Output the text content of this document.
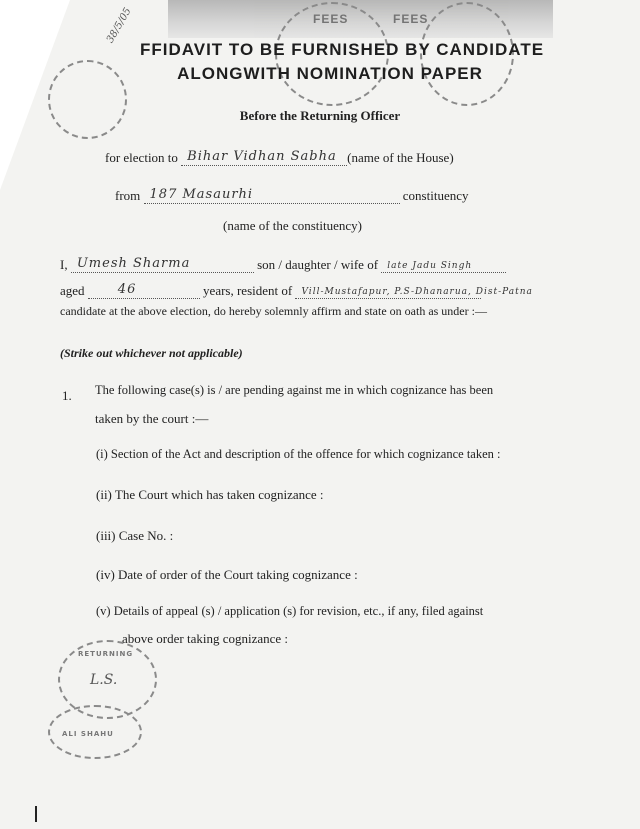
FEES	FEES
FFIDAVIT TO BE FURNISHED BY CANDIDATE
ALONGWITH NOMINATION PAPER
38/5/05
Before the Returning Officer
for election to Bihar Vidhan Sabha (name of the House)
from 187 Masaurhi	constituency
(name of the constituency)
I, Umesh Sharma	son / daughter / wife of late Jadu Singh
aged	46	years, resident of Vill-Mustafapur, P.S-Dhanarua, Dist-Patna
candidate at the above election, do hereby solemnly affirm and state on oath as under :—
(Strike out whichever not applicable)
1. The following case(s) is / are pending against me in which cognizance has been
taken by the court :—
(i) Section of the Act and description of the offence for which cognizance taken :
(ii) The Court which has taken cognizance :
(iii) Case No. :
(iv) Date of order of the Court taking cognizance :
(v) Details of appeal (s) / application (s) for revision, etc., if any, filed against
above order taking cognizance :
RETURNING
L.S.
ALI SHAHU
